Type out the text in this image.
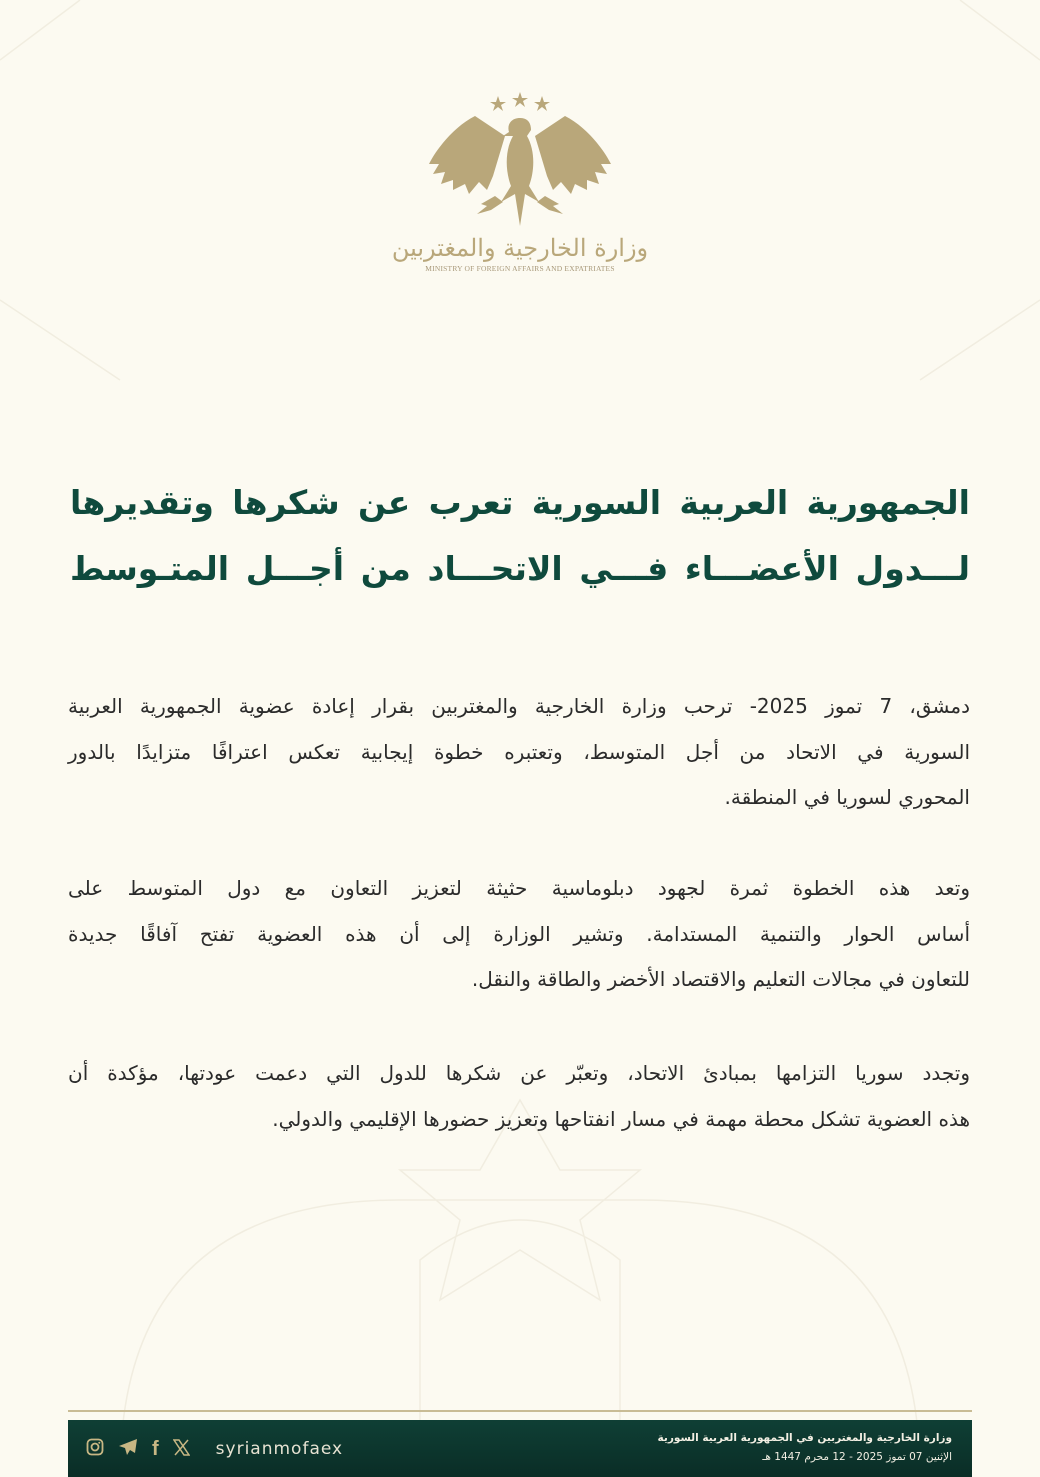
وزارة الخارجية والمغتربين
MINISTRY OF FOREIGN AFFAIRS AND EXPATRIATES
الجمهورية العربية السورية تعرب عن شكرها وتقديرها
لـــدول الأعضـــاء فـــي الاتحـــاد من أجـــل المتـوسط
دمشق، 7 تموز 2025- ترحب وزارة الخارجية والمغتربين بقرار إعادة عضوية الجمهورية العربية
السورية في الاتحاد من أجل المتوسط، وتعتبره خطوة إيجابية تعكس اعترافًا متزايدًا بالدور
المحوري لسوريا في المنطقة.
وتعد هذه الخطوة ثمرة لجهود دبلوماسية حثيثة لتعزيز التعاون مع دول المتوسط على
أساس الحوار والتنمية المستدامة. وتشير الوزارة إلى أن هذه العضوية تفتح آفاقًا جديدة
للتعاون في مجالات التعليم والاقتصاد الأخضر والطاقة والنقل.
وتجدد سوريا التزامها بمبادئ الاتحاد، وتعبّر عن شكرها للدول التي دعمت عودتها، مؤكدة أن
هذه العضوية تشكل محطة مهمة في مسار انفتاحها وتعزيز حضورها الإقليمي والدولي.
f	syrianmofaex
وزارة الخارجية والمغتربين في الجمهورية العربية السورية
الإثنين 07 تموز 2025 - 12 محرم 1447 هـ
